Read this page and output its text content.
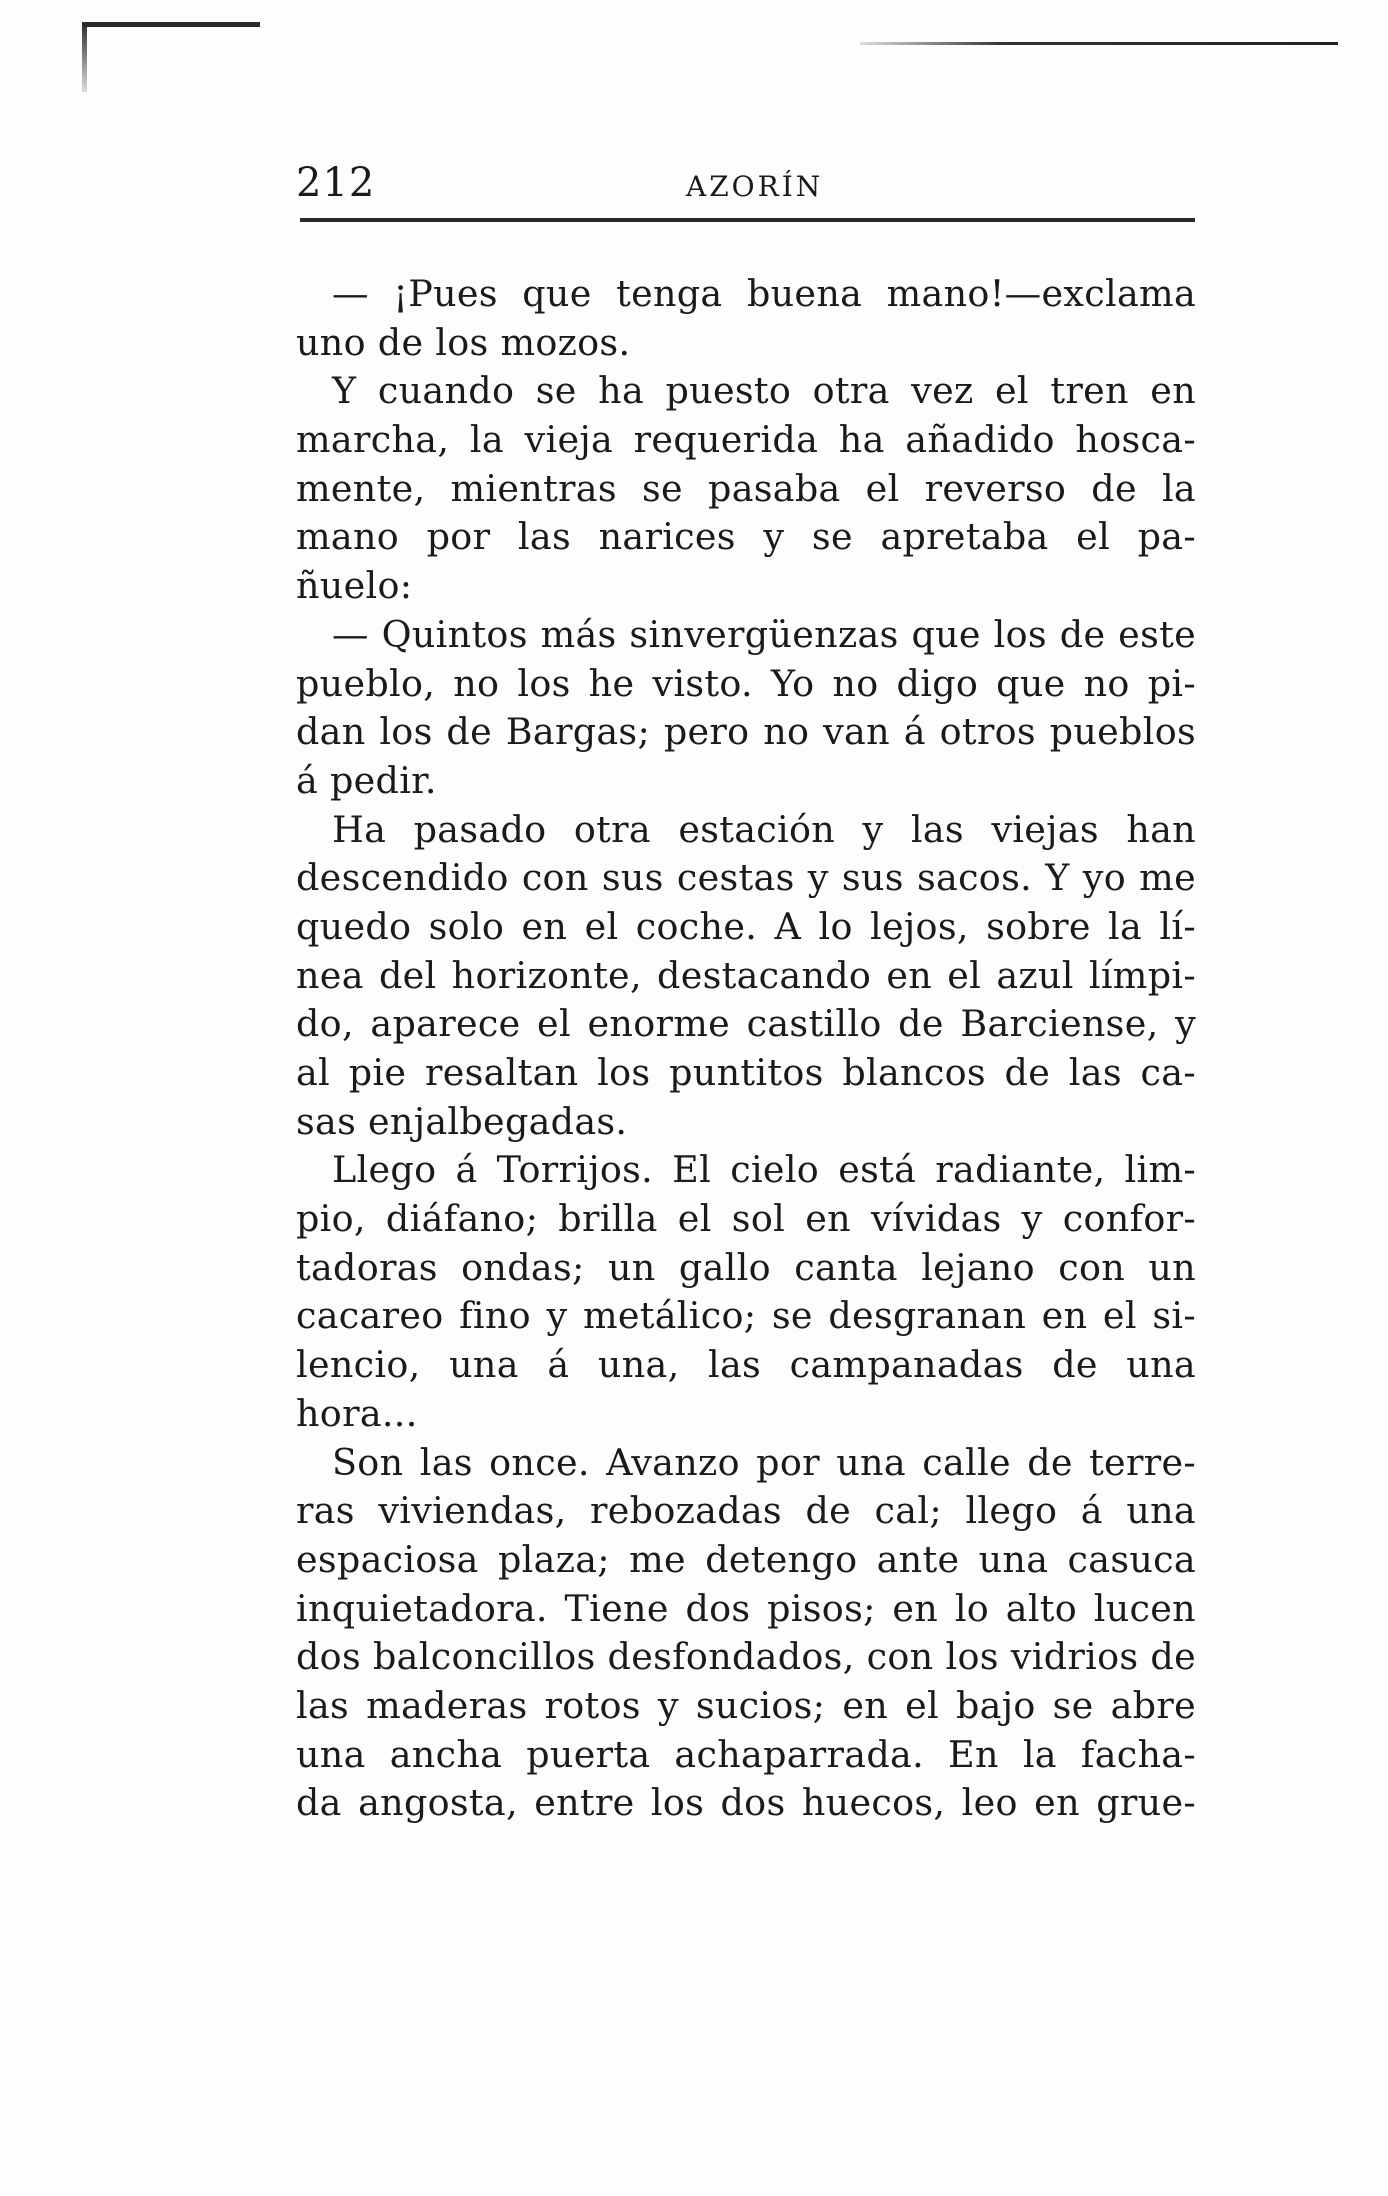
212	AZORÍN
— ¡Pues que tenga buena mano!—exclama
uno de los mozos.
Y cuando se ha puesto otra vez el tren en
marcha, la vieja requerida ha añadido hosca-
mente, mientras se pasaba el reverso de la
mano por las narices y se apretaba el pa-
ñuelo:
— Quintos más sinvergüenzas que los de este
pueblo, no los he visto. Yo no digo que no pi-
dan los de Bargas; pero no van á otros pueblos
á pedir.
Ha pasado otra estación y las viejas han
descendido con sus cestas y sus sacos. Y yo me
quedo solo en el coche. A lo lejos, sobre la lí-
nea del horizonte, destacando en el azul límpi-
do, aparece el enorme castillo de Barciense, y
al pie resaltan los puntitos blancos de las ca-
sas enjalbegadas.
Llego á Torrijos. El cielo está radiante, lim-
pio, diáfano; brilla el sol en vívidas y confor-
tadoras ondas; un gallo canta lejano con un
cacareo fino y metálico; se desgranan en el si-
lencio, una á una, las campanadas de una
hora...
Son las once. Avanzo por una calle de terre-
ras viviendas, rebozadas de cal; llego á una
espaciosa plaza; me detengo ante una casuca
inquietadora. Tiene dos pisos; en lo alto lucen
dos balconcillos desfondados, con los vidrios de
las maderas rotos y sucios; en el bajo se abre
una ancha puerta achaparrada. En la facha-
da angosta, entre los dos huecos, leo en grue-
